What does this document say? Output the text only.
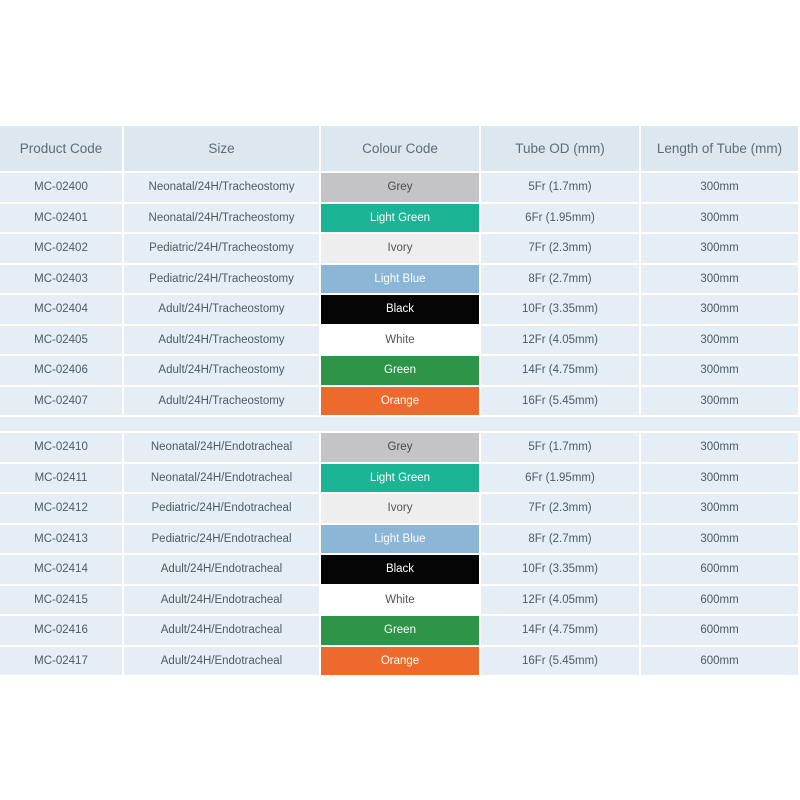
Product Code	Size	Colour Code	Tube OD (mm)	Length of Tube (mm)
MC-02400	Neonatal/24H/Tracheostomy	Grey	5Fr (1.7mm)	300mm
MC-02401	Neonatal/24H/Tracheostomy	Light Green	6Fr (1.95mm)	300mm
MC-02402	Pediatric/24H/Tracheostomy	Ivory	7Fr (2.3mm)	300mm
MC-02403	Pediatric/24H/Tracheostomy	Light Blue	8Fr (2.7mm)	300mm
MC-02404	Adult/24H/Tracheostomy	Black	10Fr (3.35mm)	300mm
MC-02405	Adult/24H/Tracheostomy	White	12Fr (4.05mm)	300mm
MC-02406	Adult/24H/Tracheostomy	Green	14Fr (4.75mm)	300mm
MC-02407	Adult/24H/Tracheostomy	Orange	16Fr (5.45mm)	300mm
MC-02410	Neonatal/24H/Endotracheal	Grey	5Fr (1.7mm)	300mm
MC-02411	Neonatal/24H/Endotracheal	Light Green	6Fr (1.95mm)	300mm
MC-02412	Pediatric/24H/Endotracheal	Ivory	7Fr (2.3mm)	300mm
MC-02413	Pediatric/24H/Endotracheal	Light Blue	8Fr (2.7mm)	300mm
MC-02414	Adult/24H/Endotracheal	Black	10Fr (3.35mm)	600mm
MC-02415	Adult/24H/Endotracheal	White	12Fr (4.05mm)	600mm
MC-02416	Adult/24H/Endotracheal	Green	14Fr (4.75mm)	600mm
MC-02417	Adult/24H/Endotracheal	Orange	16Fr (5.45mm)	600mm
